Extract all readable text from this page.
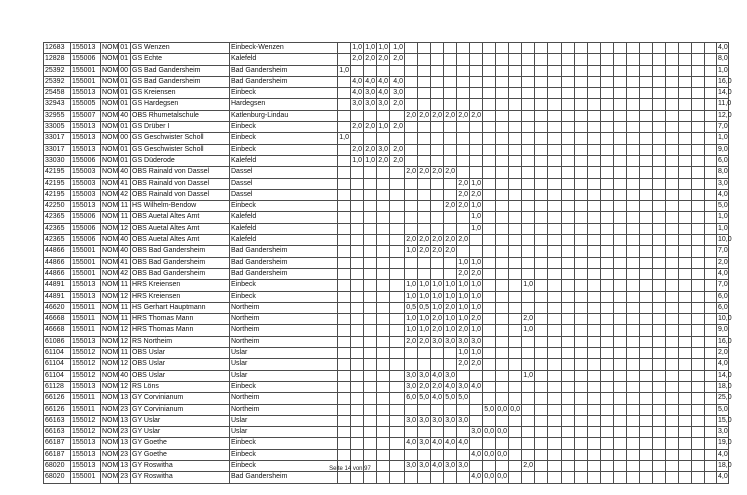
12683	155013	NOM	01	GS Wenzen	Einbeck-Wenzen		1,0	1,0	1,0	1,0																									4,0
12828	155006	NOM	01	GS Echte	Kalefeld		2,0	2,0	2,0	2,0																									8,0
25392	155001	NOM	00	GS Bad Gandersheim	Bad Gandersheim	1,0																													1,0
25392	155001	NOM	01	GS Bad Gandersheim	Bad Gandersheim		4,0	4,0	4,0	4,0																									16,0
25458	155013	NOM	01	GS Kreiensen	Einbeck		4,0	3,0	4,0	3,0																									14,0
32943	155005	NOM	01	GS Hardegsen	Hardegsen		3,0	3,0	3,0	2,0																									11,0
32955	155007	NOM	40	OBS Rhumetalschule	Katlenburg-Lindau						2,0	2,0	2,0	2,0	2,0	2,0																			12,0
33005	155013	NOM	01	GS Drüber I	Einbeck		2,0	2,0	1,0	2,0																									7,0
33017	155013	NOM	00	GS Geschwister Scholl	Einbeck	1,0																													1,0
33017	155013	NOM	01	GS Geschwister Scholl	Einbeck		2,0	2,0	3,0	2,0																									9,0
33030	155006	NOM	01	GS Düderode	Kalefeld		1,0	1,0	2,0	2,0																									6,0
42195	155003	NOM	40	OBS Rainald von Dassel	Dassel						2,0	2,0	2,0	2,0																					8,0
42195	155003	NOM	41	OBS Rainald von Dassel	Dassel										2,0	1,0																			3,0
42195	155003	NOM	42	OBS Rainald von Dassel	Dassel										2,0	2,0																			4,0
42250	155013	NOM	11	HS Wilhelm-Bendow	Einbeck									2,0	2,0	1,0																			5,0
42365	155006	NOM	11	OBS Auetal Altes Amt	Kalefeld											1,0																			1,0
42365	155006	NOM	12	OBS Auetal Altes Amt	Kalefeld											1,0																			1,0
42365	155006	NOM	40	OBS Auetal Altes Amt	Kalefeld						2,0	2,0	2,0	2,0	2,0																				10,0
44866	155001	NOM	40	OBS Bad Gandersheim	Bad Gandersheim						1,0	2,0	2,0	2,0																					7,0
44866	155001	NOM	41	OBS Bad Gandersheim	Bad Gandersheim										1,0	1,0																			2,0
44866	155001	NOM	42	OBS Bad Gandersheim	Bad Gandersheim										2,0	2,0																			4,0
44891	155013	NOM	11	HRS Kreiensen	Einbeck						1,0	1,0	1,0	1,0	1,0	1,0				1,0															7,0
44891	155013	NOM	12	HRS Kreiensen	Einbeck						1,0	1,0	1,0	1,0	1,0	1,0																			6,0
46620	155011	NOM	11	HS Gerhart Hauptmann	Northeim						0,5	0,5	1,0	2,0	1,0	1,0																			6,0
46668	155011	NOM	11	HRS Thomas Mann	Northeim						1,0	1,0	2,0	1,0	1,0	2,0				2,0															10,0
46668	155011	NOM	12	HRS Thomas Mann	Northeim						1,0	1,0	2,0	1,0	2,0	1,0				1,0															9,0
61086	155013	NOM	12	RS Northeim	Northeim						2,0	2,0	3,0	3,0	3,0	3,0																			16,0
61104	155012	NOM	11	OBS Uslar	Uslar										1,0	1,0																			2,0
61104	155012	NOM	12	OBS Uslar	Uslar										2,0	2,0																			4,0
61104	155012	NOM	40	OBS Uslar	Uslar						3,0	3,0	4,0	3,0						1,0															14,0
61128	155013	NOM	12	RS Löns	Einbeck						3,0	2,0	2,0	4,0	3,0	4,0																			18,0
66126	155011	NOM	13	GY Corvinianum	Northeim						6,0	5,0	4,0	5,0	5,0																				25,0
66126	155011	NOM	23	GY Corvinianum	Northeim												5,0	0,0	0,0																5,0
66163	155012	NOM	13	GY Uslar	Uslar						3,0	3,0	3,0	3,0	3,0																				15,0
66163	155012	NOM	23	GY Uslar	Uslar											3,0	0,0	0,0																	3,0
66187	155013	NOM	13	GY Goethe	Einbeck						4,0	3,0	4,0	4,0	4,0																				19,0
66187	155013	NOM	23	GY Goethe	Einbeck											4,0	0,0	0,0																	4,0
68020	155013	NOM	13	GY Roswitha	Einbeck						3,0	3,0	4,0	3,0	3,0					2,0															18,0
68020	155001	NOM	23	GY Roswitha	Bad Gandersheim											4,0	0,0	0,0																	4,0
Seite 14 von 97
